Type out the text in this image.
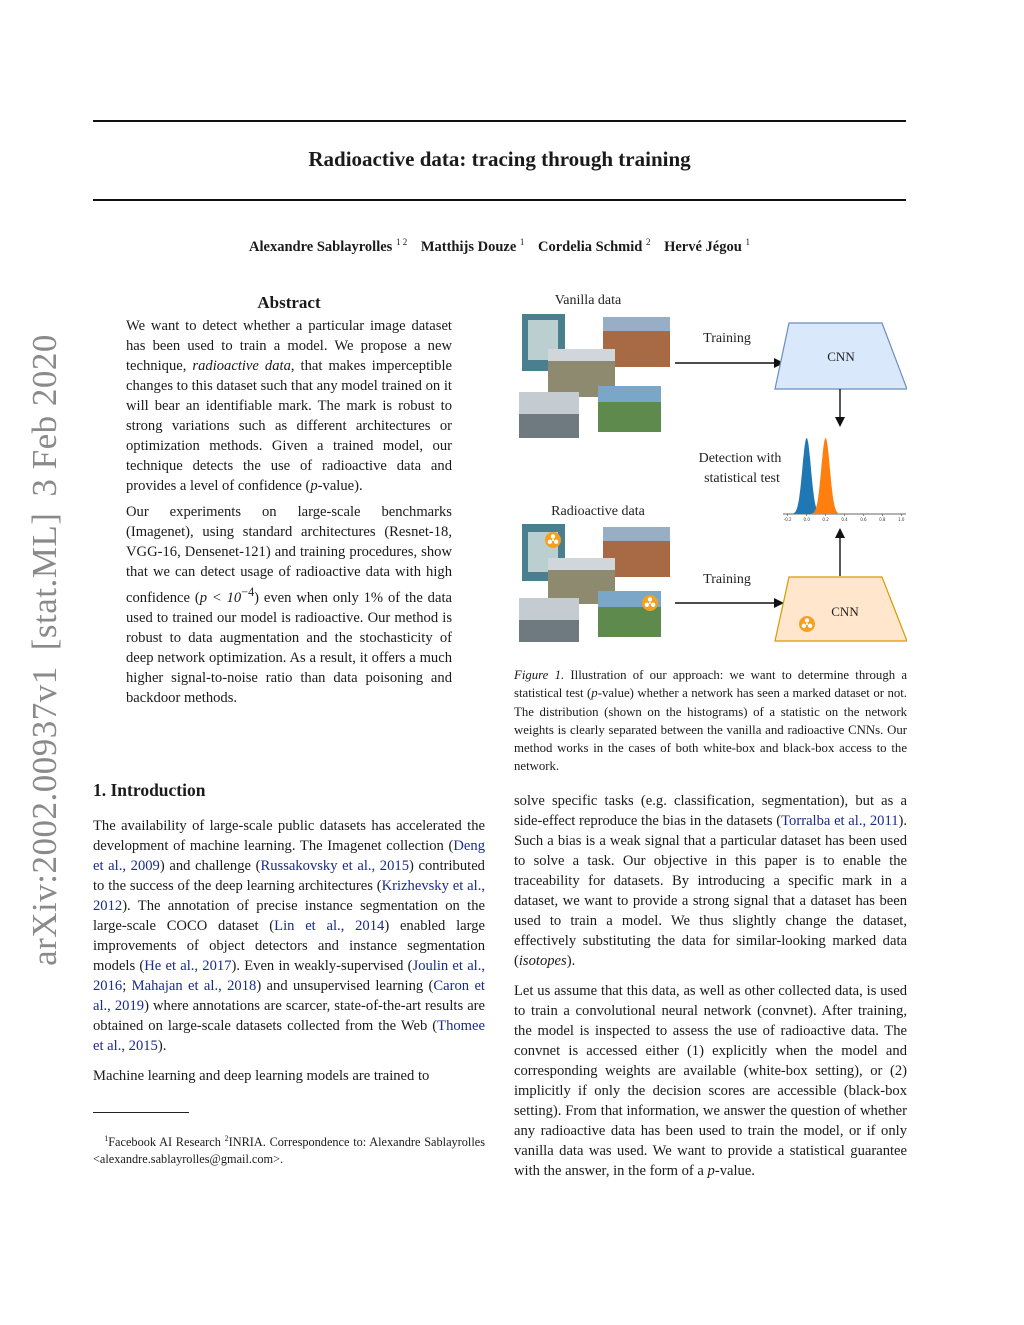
arXiv:2002.00937v1[stat.ML]3 Feb 2020
Radioactive data: tracing through training
Alexandre Sablayrolles $^{1 2}$ Matthijs Douze $^1$ Cordelia Schmid $^2$ Hervé Jégou $^1$
Abstract

We want to detect whether a particular image dataset has been used to train a model. We propose a new technique, radioactive data, that makes imperceptible changes to this dataset such that any model trained on it will bear an identifiable mark. The mark is robust to strong variations such as different architectures or optimization methods. Given a trained model, our technique detects the use of radioactive data and provides a level of confidence (p-value).

Our experiments on large-scale benchmarks (Imagenet), using standard architectures (Resnet-18, VGG-16, Densenet-121) and training procedures, show that we can detect usage of radioactive data with high confidence $(p < 10^{-4})$ even when only 1% of the data used to trained our model is radioactive. Our method is robust to data augmentation and the stochasticity of deep network optimization. As a result, it offers a much higher signal-to-noise ratio than data poisoning and backdoor methods.

1. Introduction

The availability of large-scale public datasets has accelerated the development of machine learning. The Imagenet collection (Deng et al., 2009) and challenge (Russakovsky et al., 2015) contributed to the success of the deep learning architectures (Krizhevsky et al., 2012). The annotation of precise instance segmentation on the large-scale COCO dataset (Lin et al., 2014) enabled large improvements of object detectors and instance segmentation models (He et al., 2017). Even in weakly-supervised (Joulin et al., 2016; Mahajan et al., 2018) and unsupervised learning (Caron et al., 2019) where annotations are scarcer, state-of-the-art results are obtained on large-scale datasets collected from the Web (Thomee et al., 2015).

Machine learning and deep learning models are trained to

$^1$Facebook AI Research $^2$INRIA. Correspondence to: Alexandre Sablayrolles <alexandre.sablayrolles@gmail.com>.
Vanilla data
Training
CNN
Detection with
statistical test
-0.2	0.0	0.2	0.4	0.6	0.8	1.0
Radioactive data
Training
CNN
Figure 1. Illustration of our approach: we want to determine through a statistical test (p-value) whether a network has seen a marked dataset or not. The distribution (shown on the histograms) of a statistic on the network weights is clearly separated between the vanilla and radioactive CNNs. Our method works in the cases of both white-box and black-box access to the network.

solve specific tasks (e.g. classification, segmentation), but as a side-effect reproduce the bias in the datasets (Torralba et al., 2011). Such a bias is a weak signal that a particular dataset has been used to solve a task. Our objective in this paper is to enable the traceability for datasets. By introducing a specific mark in a dataset, we want to provide a strong signal that a dataset has been used to train a model. We thus slightly change the dataset, effectively substituting the data for similar-looking marked data (isotopes).

Let us assume that this data, as well as other collected data, is used to train a convolutional neural network (convnet). After training, the model is inspected to assess the use of radioactive data. The convnet is accessed either (1) explicitly when the model and corresponding weights are available (white-box setting), or (2) implicitly if only the decision scores are accessible (black-box setting). From that information, we answer the question of whether any radioactive data has been used to train the model, or if only vanilla data was used. We want to provide a statistical guarantee with the answer, in the form of a p-value.
